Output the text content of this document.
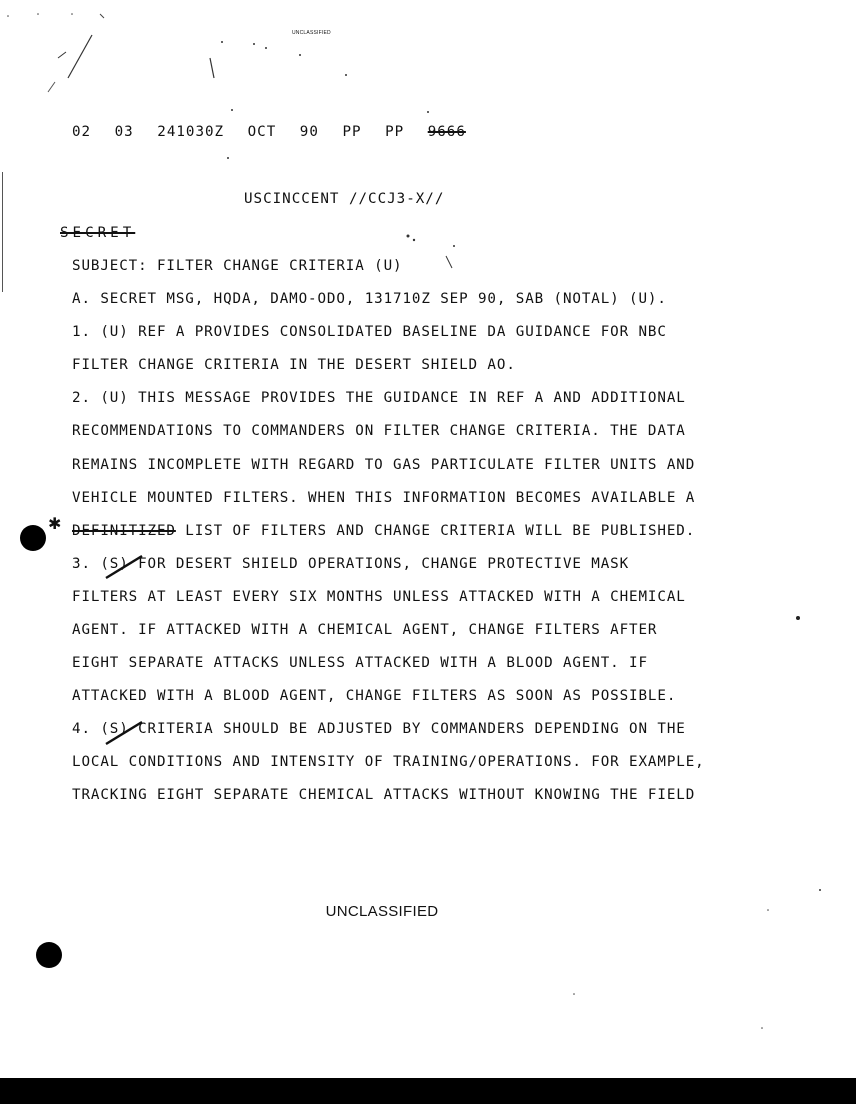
UNCLASSIFIED
02 03 241030Z OCT 90 PP PP 9666
USCINCCENT //CCJ3-X//
SECRET
SUBJECT: FILTER CHANGE CRITERIA (U)
A. SECRET MSG, HQDA, DAMO-ODO, 131710Z SEP 90, SAB (NOTAL) (U).
1. (U) REF A PROVIDES CONSOLIDATED BASELINE DA GUIDANCE FOR NBC
FILTER CHANGE CRITERIA IN THE DESERT SHIELD AO.
2. (U) THIS MESSAGE PROVIDES THE GUIDANCE IN REF A AND ADDITIONAL
RECOMMENDATIONS TO COMMANDERS ON FILTER CHANGE CRITERIA. THE DATA
REMAINS INCOMPLETE WITH REGARD TO GAS PARTICULATE FILTER UNITS AND
VEHICLE MOUNTED FILTERS. WHEN THIS INFORMATION BECOMES AVAILABLE A
DEFINITIZED LIST OF FILTERS AND CHANGE CRITERIA WILL BE PUBLISHED.
3. (S) FOR DESERT SHIELD OPERATIONS, CHANGE PROTECTIVE MASK
FILTERS AT LEAST EVERY SIX MONTHS UNLESS ATTACKED WITH A CHEMICAL
AGENT. IF ATTACKED WITH A CHEMICAL AGENT, CHANGE FILTERS AFTER
EIGHT SEPARATE ATTACKS UNLESS ATTACKED WITH A BLOOD AGENT. IF
ATTACKED WITH A BLOOD AGENT, CHANGE FILTERS AS SOON AS POSSIBLE.
4. (S) CRITERIA SHOULD BE ADJUSTED BY COMMANDERS DEPENDING ON THE
LOCAL CONDITIONS AND INTENSITY OF TRAINING/OPERATIONS. FOR EXAMPLE,
TRACKING EIGHT SEPARATE CHEMICAL ATTACKS WITHOUT KNOWING THE FIELD
✱
UNCLASSIFIED
